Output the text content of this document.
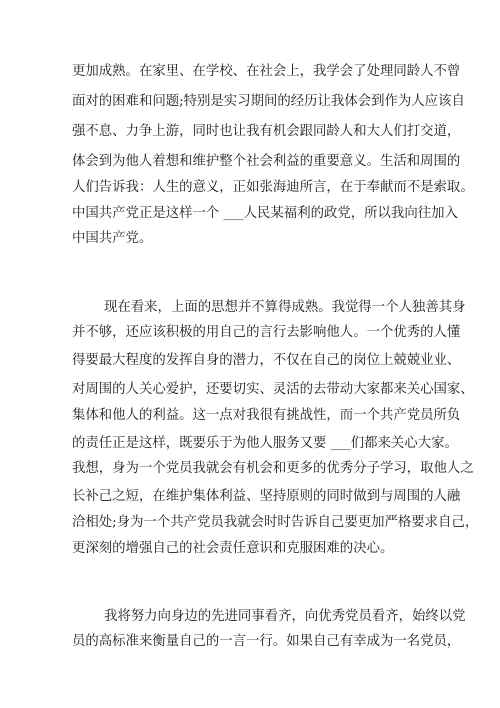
更加成熟。在家里、在学校、在社会上，我学会了处理同龄人不曾
面对的困难和问题;特别是实习期间的经历让我体会到作为人应该自
强不息、力争上游，同时也让我有机会跟同龄人和大人们打交道，
体会到为他人着想和维护整个社会利益的重要意义。生活和周围的
人们告诉我：人生的意义，正如张海迪所言，在于奉献而不是索取。
中国共产党正是这样一个 ___人民某福利的政党，所以我向往加入
中国共产党。
现在看来，上面的思想并不算得成熟。我觉得一个人独善其身
并不够，还应该积极的用自己的言行去影响他人。一个优秀的人懂
得要最大程度的发挥自身的潜力，不仅在自己的岗位上兢兢业业、
对周围的人关心爱护，还要切实、灵活的去带动大家都来关心国家、
集体和他人的利益。这一点对我很有挑战性，而一个共产党员所负
的责任正是这样，既要乐于为他人服务又要 ___们都来关心大家。
我想，身为一个党员我就会有机会和更多的优秀分子学习，取他人之
长补己之短，在维护集体利益、坚持原则的同时做到与周围的人融
洽相处;身为一个共产党员我就会时时告诉自己要更加严格要求自己，
更深刻的增强自己的社会责任意识和克服困难的决心。
我将努力向身边的先进同事看齐，向优秀党员看齐，始终以党
员的高标准来衡量自己的一言一行。如果自己有幸成为一名党员，
